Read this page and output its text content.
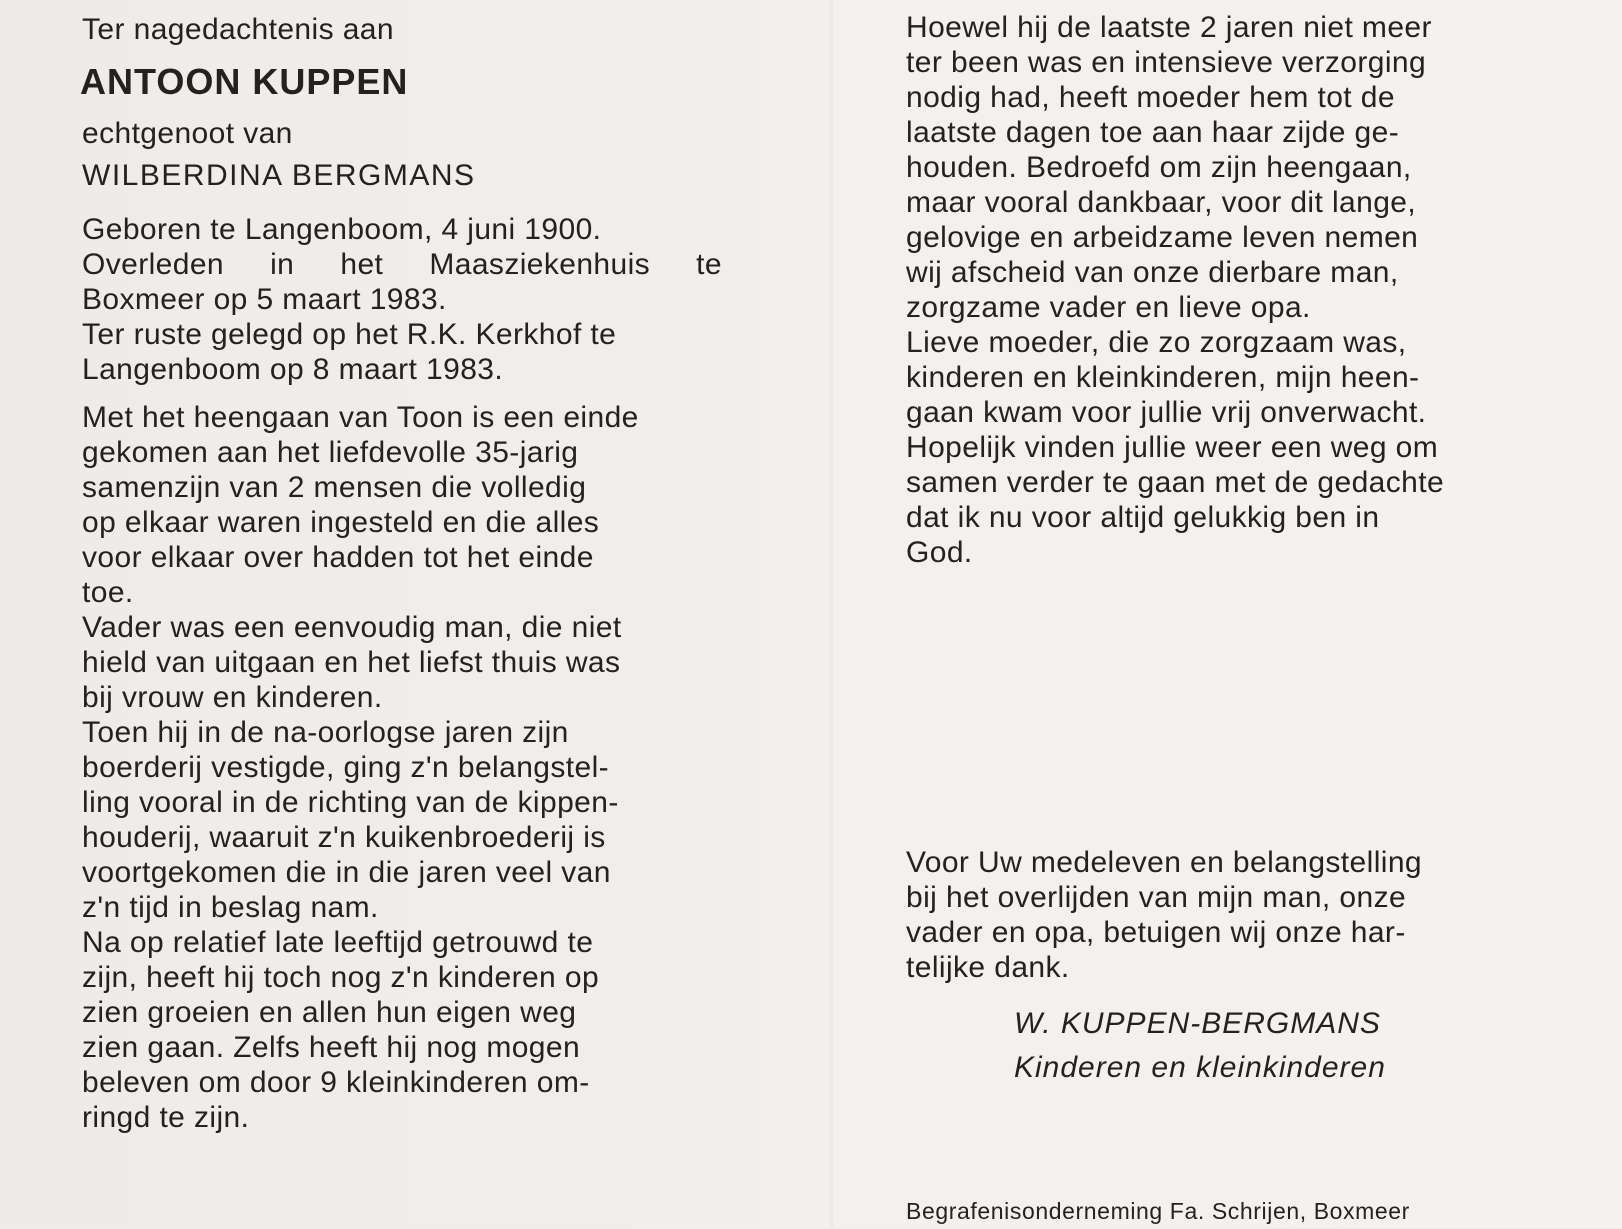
Ter nagedachtenis aan
ANTOON KUPPEN
echtgenoot van
WILBERDINA BERGMANS
Geboren te Langenboom, 4 juni 1900.
Overleden in het Maasziekenhuis te
Boxmeer op 5 maart 1983.
Ter ruste gelegd op het R.K. Kerkhof te
Langenboom op 8 maart 1983.
Met het heengaan van Toon is een einde
gekomen aan het liefdevolle 35-jarig
samenzijn van 2 mensen die volledig
op elkaar waren ingesteld en die alles
voor elkaar over hadden tot het einde
toe.
Vader was een eenvoudig man, die niet
hield van uitgaan en het liefst thuis was
bij vrouw en kinderen.
Toen hij in de na-oorlogse jaren zijn
boerderij vestigde, ging z'n belangstel-
ling vooral in de richting van de kippen-
houderij, waaruit z'n kuikenbroederij is
voortgekomen die in die jaren veel van
z'n tijd in beslag nam.
Na op relatief late leeftijd getrouwd te
zijn, heeft hij toch nog z'n kinderen op
zien groeien en allen hun eigen weg
zien gaan. Zelfs heeft hij nog mogen
beleven om door 9 kleinkinderen om-
ringd te zijn.
Hoewel hij de laatste 2 jaren niet meer
ter been was en intensieve verzorging
nodig had, heeft moeder hem tot de
laatste dagen toe aan haar zijde ge-
houden. Bedroefd om zijn heengaan,
maar vooral dankbaar, voor dit lange,
gelovige en arbeidzame leven nemen
wij afscheid van onze dierbare man,
zorgzame vader en lieve opa.
Lieve moeder, die zo zorgzaam was,
kinderen en kleinkinderen, mijn heen-
gaan kwam voor jullie vrij onverwacht.
Hopelijk vinden jullie weer een weg om
samen verder te gaan met de gedachte
dat ik nu voor altijd gelukkig ben in
God.
Voor Uw medeleven en belangstelling
bij het overlijden van mijn man, onze
vader en opa, betuigen wij onze har-
telijke dank.
W. KUPPEN-BERGMANS
Kinderen en kleinkinderen
Begrafenisonderneming Fa. Schrijen, Boxmeer
